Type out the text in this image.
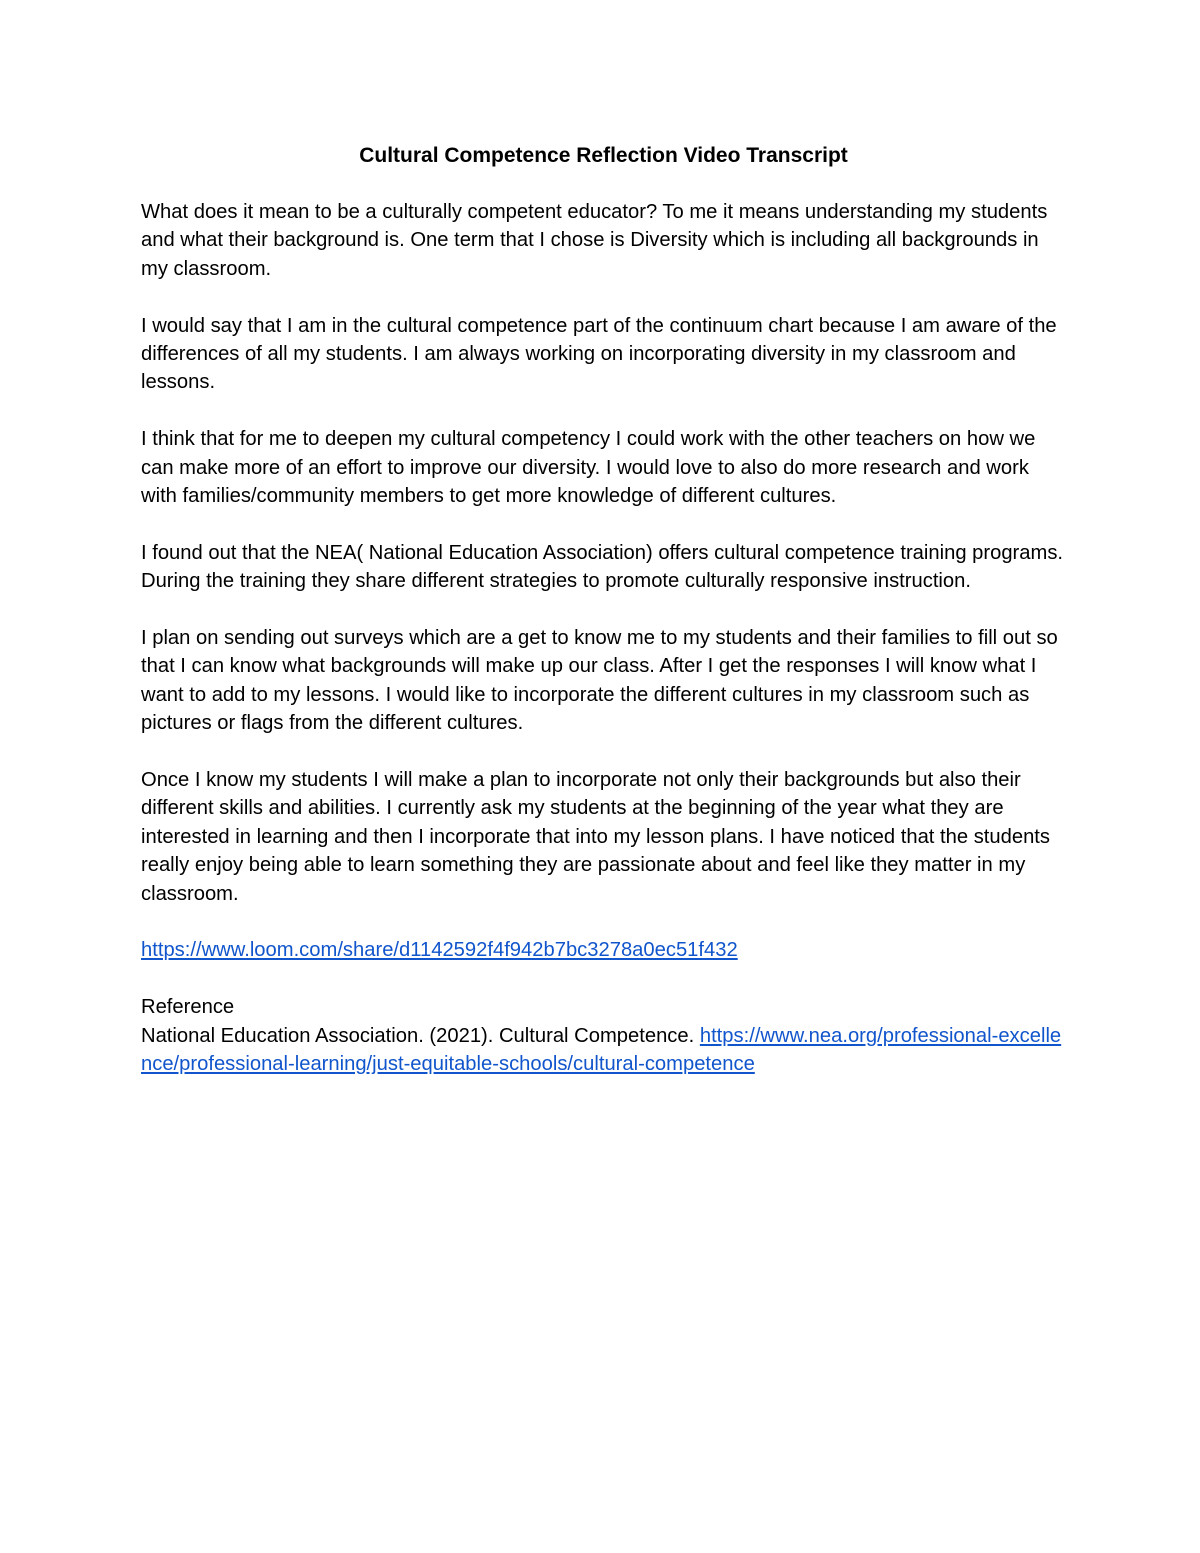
Cultural Competence Reflection Video Transcript

What does it mean to be a culturally competent educator? To me it means understanding my students and what their background is. One term that I chose is Diversity which is including all backgrounds in my classroom.

I would say that I am in the cultural competence part of the continuum chart because I am aware of the differences of all my students. I am always working on incorporating diversity in my classroom and lessons.

I think that for me to deepen my cultural competency I could work with the other teachers on how we can make more of an effort to improve our diversity. I would love to also do more research and work with families/community members to get more knowledge of different cultures.

I found out that the NEA( National Education Association) offers cultural competence training programs. During the training they share different strategies to promote culturally responsive instruction.

I plan on sending out surveys which are a get to know me to my students and their families to fill out so that I can know what backgrounds will make up our class. After I get the responses I will know what I want to add to my lessons. I would like to incorporate the different cultures in my classroom such as pictures or flags from the different cultures.

Once I know my students I will make a plan to incorporate not only their backgrounds but also their different skills and abilities. I currently ask my students at the beginning of the year what they are interested in learning and then I incorporate that into my lesson plans. I have noticed that the students really enjoy being able to learn something they are passionate about and feel like they matter in my classroom.

https://www.loom.com/share/d1142592f4f942b7bc3278a0ec51f432

Reference
National Education Association. (2021). Cultural Competence. https://www.nea.org/professional-excellence/professional-learning/just-equitable-schools/cultural-competence
